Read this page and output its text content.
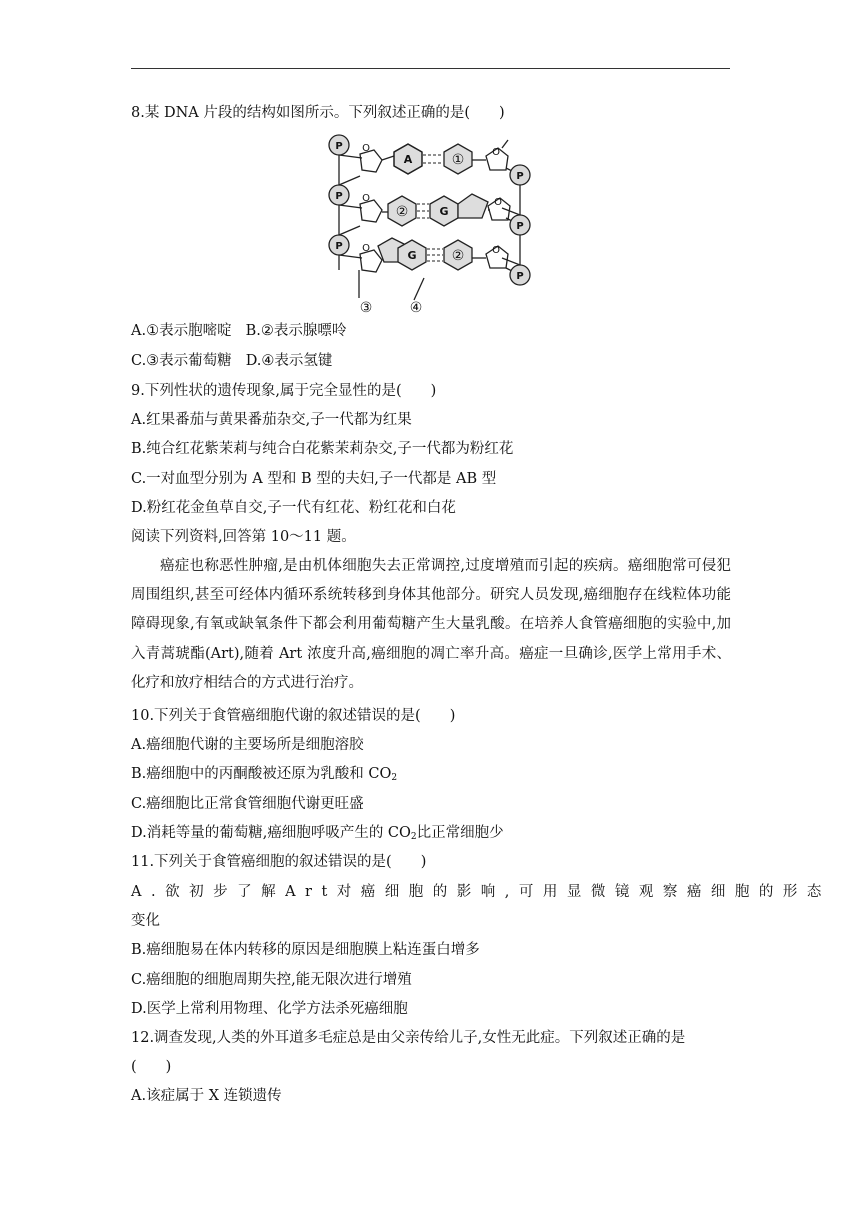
8.某 DNA 片段的结构如图所示。下列叙述正确的是(　　)
P
P
P
P
P
P
O
O
O
O
O
O
A
G
G
①
②
②
③	④
A.①表示胞嘧啶 B.②表示腺嘌呤
C.③表示葡萄糖 D.④表示氢键
9.下列性状的遗传现象,属于完全显性的是(　　)
A.红果番茄与黄果番茄杂交,子一代都为红果
B.纯合红花紫茉莉与纯合白花紫茉莉杂交,子一代都为粉红花
C.一对血型分别为 A 型和 B 型的夫妇,子一代都是 AB 型
D.粉红花金鱼草自交,子一代有红花、粉红花和白花
阅读下列资料,回答第 10～11 题。
癌症也称恶性肿瘤,是由机体细胞失去正常调控,过度增殖而引起的疾病。癌细胞常可侵犯周围组织,甚至可经体内循环系统转移到身体其他部分。研究人员发现,癌细胞存在线粒体功能障碍现象,有氧或缺氧条件下都会利用葡萄糖产生大量乳酸。在培养人食管癌细胞的实验中,加入青蒿琥酯(Art),随着 Art 浓度升高,癌细胞的凋亡率升高。癌症一旦确诊,医学上常用手术、化疗和放疗相结合的方式进行治疗。
10.下列关于食管癌细胞代谢的叙述错误的是(　　)
A.癌细胞代谢的主要场所是细胞溶胶
B.癌细胞中的丙酮酸被还原为乳酸和 $CO_2$
C.癌细胞比正常食管细胞代谢更旺盛
D.消耗等量的葡萄糖,癌细胞呼吸产生的 $CO_2$比正常细胞少
11.下列关于食管癌细胞的叙述错误的是(　　)
A.欲初步了解Art对癌细胞的影响,可用显微镜观察癌细胞的形态
变化
B.癌细胞易在体内转移的原因是细胞膜上粘连蛋白增多
C.癌细胞的细胞周期失控,能无限次进行增殖
D.医学上常利用物理、化学方法杀死癌细胞
12.调查发现,人类的外耳道多毛症总是由父亲传给儿子,女性无此症。下列叙述正确的是
(　　)
A.该症属于 X 连锁遗传
